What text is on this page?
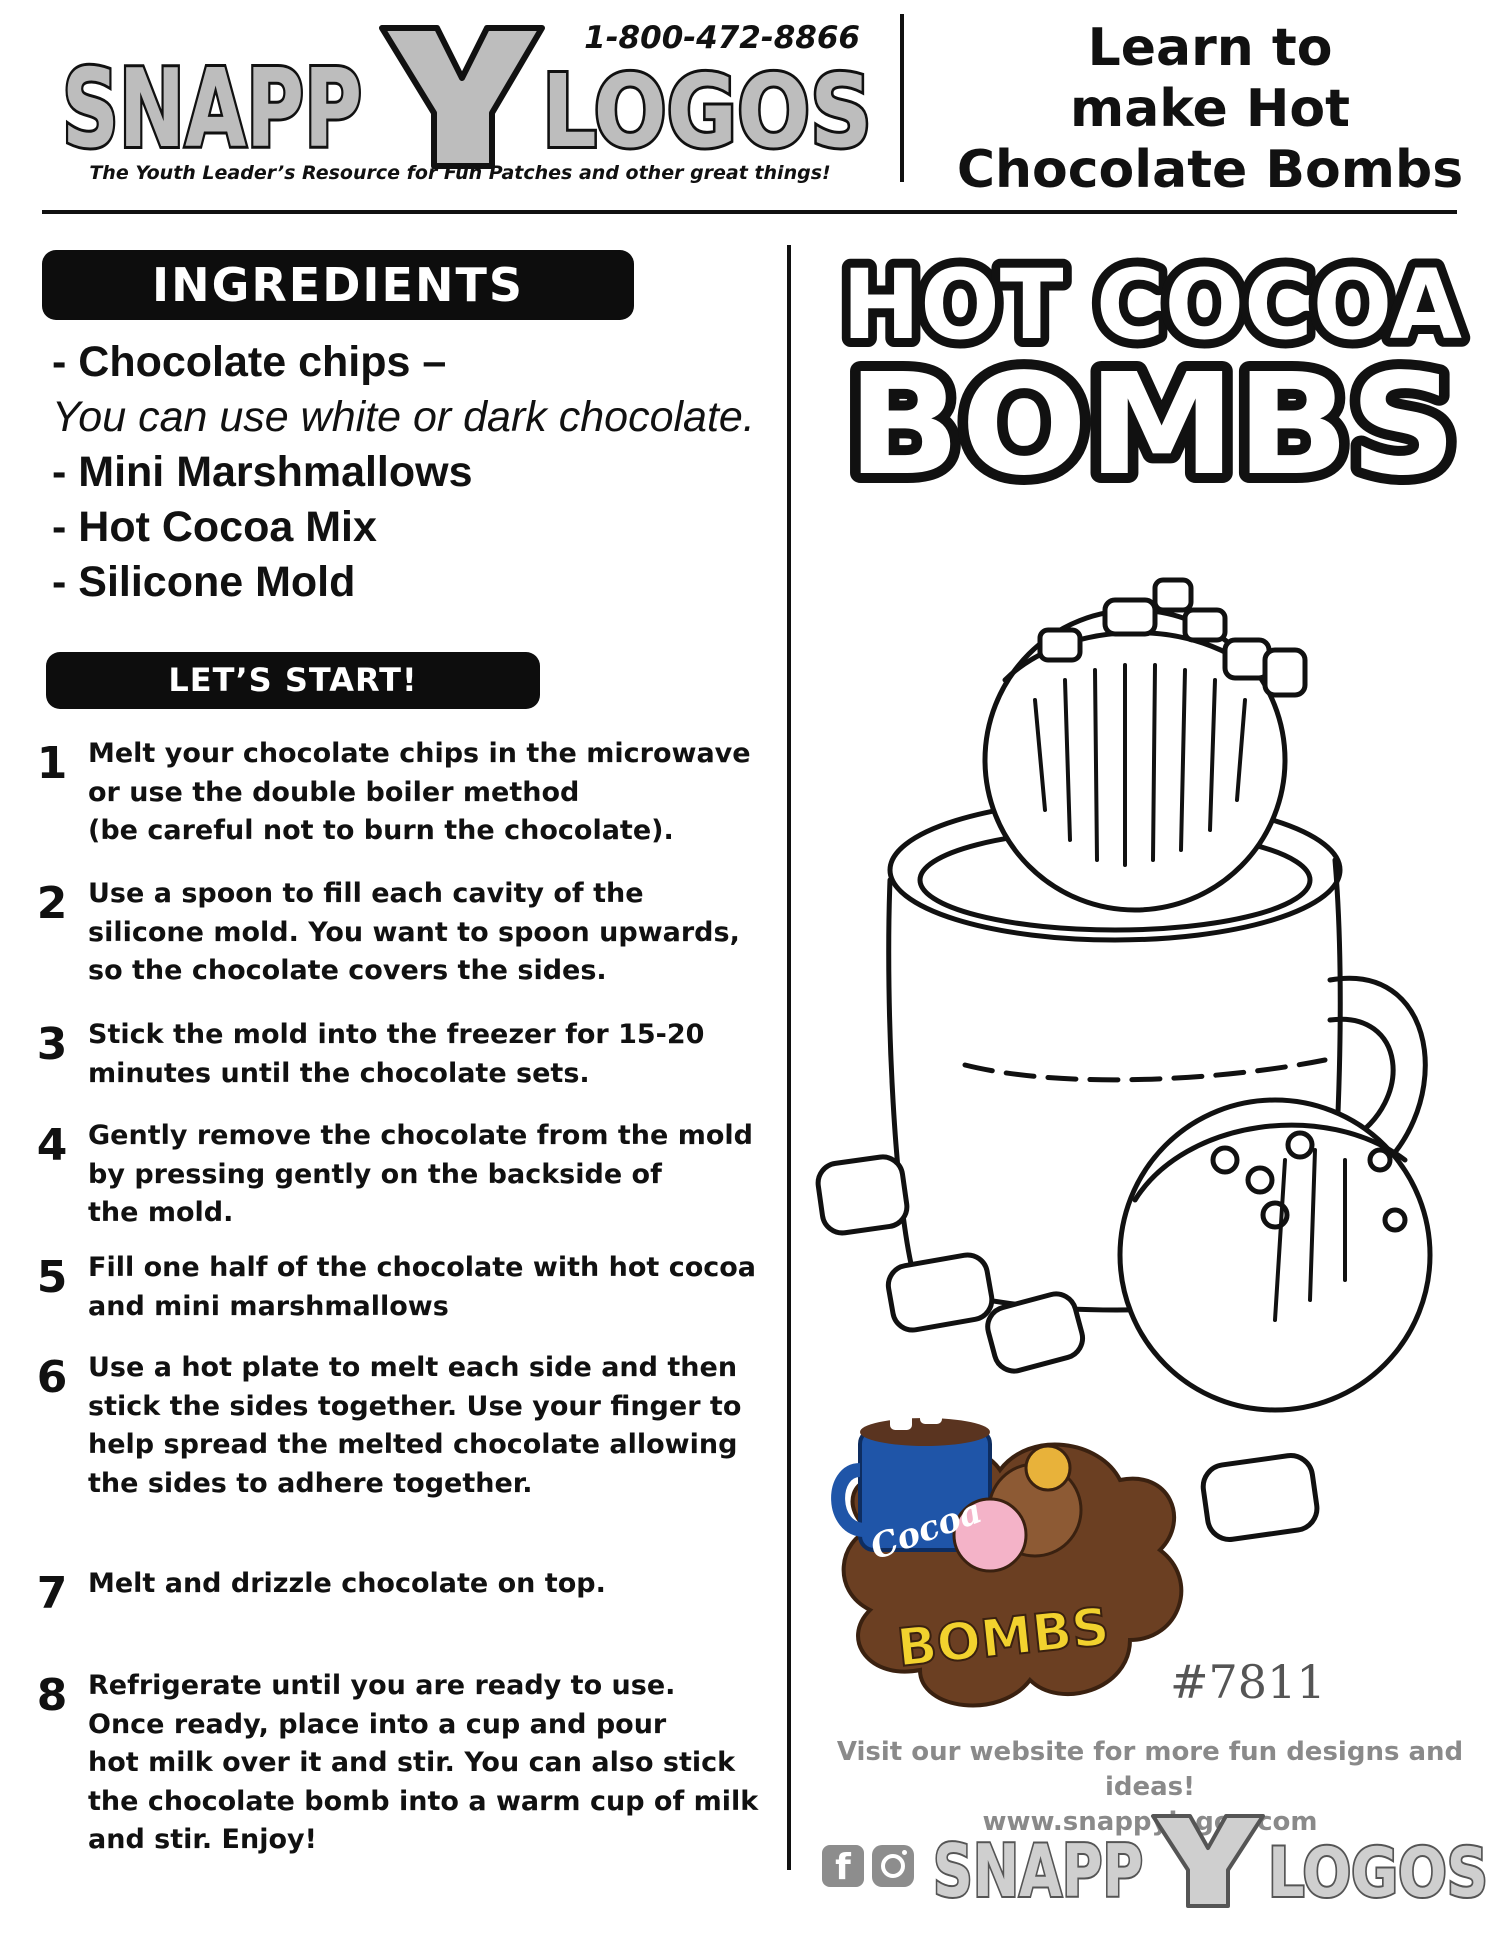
SNAPP LOGOS
1-800-472-8866
The Youth Leader’s Resource for Fun Patches and other great things!
Learn to
make Hot
Chocolate Bombs
INGREDIENTS
- Chocolate chips –
You can use white or dark chocolate.
- Mini Marshmallows
- Hot Cocoa Mix
- Silicone Mold
LET’S START!
1 Melt your chocolate chips in the microwave
or use the double boiler method
(be careful not to burn the chocolate).
2 Use a spoon to fill each cavity of the
silicone mold. You want to spoon upwards,
so the chocolate covers the sides.
3 Stick the mold into the freezer for 15-20
minutes until the chocolate sets.
4 Gently remove the chocolate from the mold
by pressing gently on the backside of
the mold.
5 Fill one half of the chocolate with hot cocoa
and mini marshmallows
6 Use a hot plate to melt each side and then
stick the sides together. Use your finger to
help spread the melted chocolate allowing
the sides to adhere together.
7 Melt and drizzle chocolate on top.
8 Refrigerate until you are ready to use.
Once ready, place into a cup and pour
hot milk over it and stir. You can also stick
the chocolate bomb into a warm cup of milk
and stir. Enjoy!
HOT COCOA
BOMBS
Cocoa
BOMBS
#7811
Visit our website for more fun designs and ideas!
www.snappylogos.com
f SNAPP LOGOS
